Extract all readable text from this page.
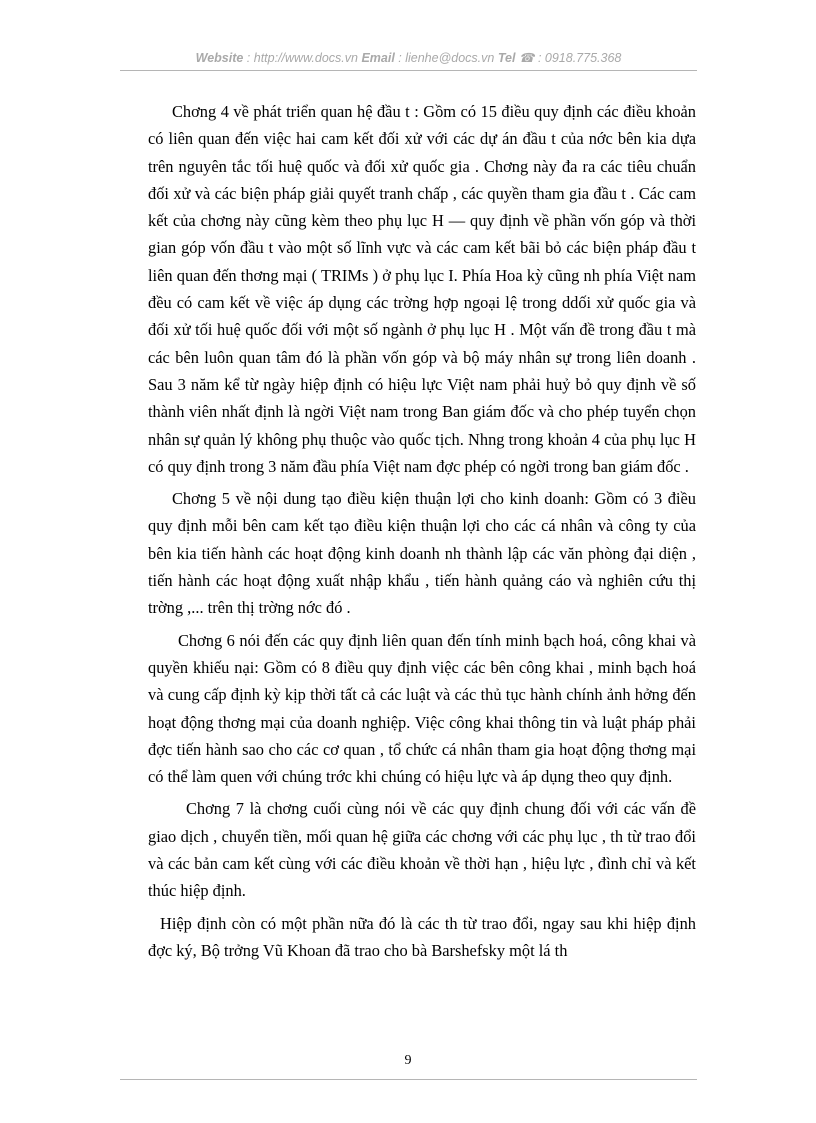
Website : http://www.docs.vn Email : lienhe@docs.vn Tel ☎ : 0918.775.368

Chơng 4 về phát triển quan hệ đầu t : Gồm có 15 điều quy định các điều khoản có liên quan đến việc hai cam kết đối xử với các dự án đầu t của nớc bên kia dựa trên nguyên tắc tối huệ quốc và đối xử quốc gia . Chơng này đa ra các tiêu chuẩn đối xử và các biện pháp giải quyết tranh chấp , các quyền tham gia đầu t . Các cam kết của chơng này cũng kèm theo phụ lục H — quy định về phần vốn góp và thời gian góp vốn đầu t vào một số lĩnh vực và các cam kết bãi bỏ các biện pháp đầu t liên quan đến thơng mại ( TRIMs ) ở phụ lục I. Phía Hoa kỳ cũng nh phía Việt nam đều có cam kết về việc áp dụng các trờng hợp ngoại lệ trong ddối xử quốc gia và đối xử tối huệ quốc đối với một số ngành ở phụ lục H . Một vấn đề trong đầu t mà các bên luôn quan tâm đó là phần vốn góp và bộ máy nhân sự trong liên doanh . Sau 3 năm kể từ ngày hiệp định có hiệu lực Việt nam phải huỷ bỏ quy định về số thành viên nhất định là ngời Việt nam trong Ban giám đốc và cho phép tuyển chọn nhân sự quản lý không phụ thuộc vào quốc tịch. Nhng trong khoản 4 của phụ lục H có quy định trong 3 năm đầu phía Việt nam đợc phép có ngời trong ban giám đốc .

Chơng 5 về nội dung tạo điều kiện thuận lợi cho kinh doanh: Gồm có 3 điều quy định mỗi bên cam kết tạo điều kiện thuận lợi cho các cá nhân và công ty của bên kia tiến hành các hoạt động kinh doanh nh thành lập các văn phòng đại diện , tiến hành các hoạt động xuất nhập khẩu , tiến hành quảng cáo và nghiên cứu thị trờng ,... trên thị trờng nớc đó .

Chơng 6 nói đến các quy định liên quan đến tính minh bạch hoá, công khai và quyền khiếu nại: Gồm có 8 điều quy định việc các bên công khai , minh bạch hoá và cung cấp định kỳ kịp thời tất cả các luật và các thủ tục hành chính ảnh hởng đến hoạt động thơng mại của doanh nghiệp. Việc công khai thông tin và luật pháp phải đợc tiến hành sao cho các cơ quan , tổ chức cá nhân tham gia hoạt động thơng mại có thể làm quen với chúng trớc khi chúng có hiệu lực và áp dụng theo quy định.

Chơng 7 là chơng cuối cùng nói về các quy định chung đối với các vấn đề giao dịch , chuyển tiền, mối quan hệ giữa các chơng với các phụ lục , th từ trao đổi và các bản cam kết cùng với các điều khoản về thời hạn , hiệu lực , đình chỉ và kết thúc hiệp định.

Hiệp định còn có một phần nữa đó là các th từ trao đổi, ngay sau khi hiệp định đợc ký, Bộ trởng Vũ Khoan đã trao cho bà Barshefsky một lá th

9
